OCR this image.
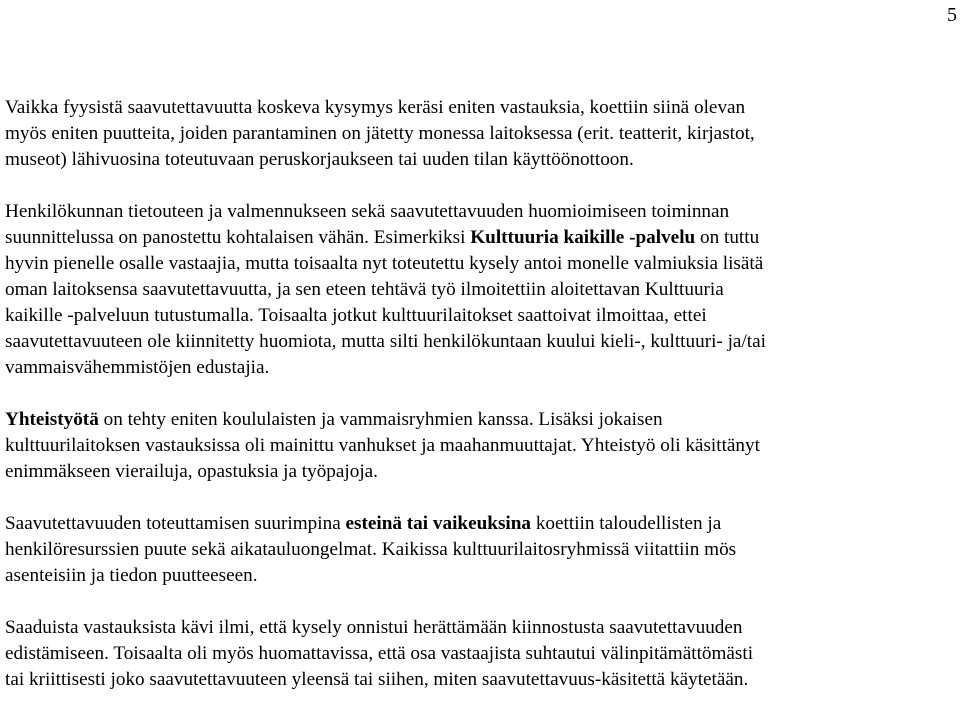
5

Vaikka fyysistä saavutettavuutta koskeva kysymys keräsi eniten vastauksia, koettiin siinä olevan
myös eniten puutteita, joiden parantaminen on jätetty monessa laitoksessa (erit. teatterit, kirjastot,
museot) lähivuosina toteutuvaan peruskorjaukseen tai uuden tilan käyttöönottoon.

Henkilökunnan tietouteen ja valmennukseen sekä saavutettavuuden huomioimiseen toiminnan
suunnittelussa on panostettu kohtalaisen vähän. Esimerkiksi Kulttuuria kaikille -palvelu on tuttu
hyvin pienelle osalle vastaajia, mutta toisaalta nyt toteutettu kysely antoi monelle valmiuksia lisätä
oman laitoksensa saavutettavuutta, ja sen eteen tehtävä työ ilmoitettiin aloitettavan Kulttuuria
kaikille -palveluun tutustumalla. Toisaalta jotkut kulttuurilaitokset saattoivat ilmoittaa, ettei
saavutettavuuteen ole kiinnitetty huomiota, mutta silti henkilökuntaan kuului kieli-, kulttuuri- ja/tai
vammaisvähemmistöjen edustajia.

Yhteistyötä on tehty eniten koululaisten ja vammaisryhmien kanssa. Lisäksi jokaisen
kulttuurilaitoksen vastauksissa oli mainittu vanhukset ja maahanmuuttajat. Yhteistyö oli käsittänyt
enimmäkseen vierailuja, opastuksia ja työpajoja.

Saavutettavuuden toteuttamisen suurimpina esteinä tai vaikeuksina koettiin taloudellisten ja
henkilöresurssien puute sekä aikatauluongelmat. Kaikissa kulttuurilaitosryhmissä viitattiin mös
asenteisiin ja tiedon puutteeseen.

Saaduista vastauksista kävi ilmi, että kysely onnistui herättämään kiinnostusta saavutettavuuden
edistämiseen. Toisaalta oli myös huomattavissa, että osa vastaajista suhtautui välinpitämättömästi
tai kriittisesti joko saavutettavuuteen yleensä tai siihen, miten saavutettavuus-käsitettä käytetään.
